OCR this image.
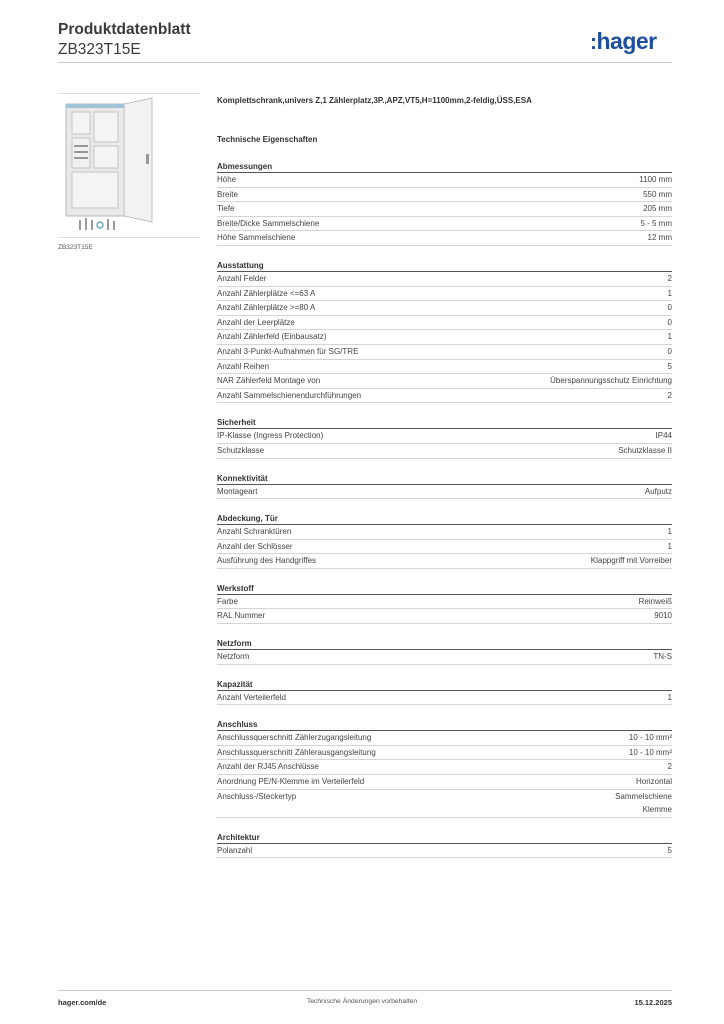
Produktdatenblatt
ZB323T15E	:hager
ZB323T15E
Komplettschrank,univers Z,1 Zählerplatz,3P.,APZ,VT5,H=1100mm,2-feldig,ÜSS,ESA
Technische Eigenschaften
Abmessungen
Höhe	1100 mm
Breite	550 mm
Tiefe	205 mm
Breite/Dicke Sammelschiene	5 - 5 mm
Höhe Sammelschiene	12 mm
Ausstattung
Anzahl Felder	2
Anzahl Zählerplätze <=63 A	1
Anzahl Zählerplätze >=80 A	0
Anzahl der Leerplätze	0
Anzahl Zählerfeld (Einbausatz)	1
Anzahl 3-Punkt-Aufnahmen für SG/TRE	0
Anzahl Reihen	5
NAR Zählerfeld Montage von	Überspannungsschutz Einrichtung
Anzahl Sammelschienendurchführungen	2
Sicherheit
IP-Klasse (Ingress Protection)	IP44
Schutzklasse	Schutzklasse II
Konnektivität
Montageart	Aufputz
Abdeckung, Tür
Anzahl Schranktüren	1
Anzahl der Schlösser	1
Ausführung des Handgriffes	Klappgriff mit Vorreiber
Werkstoff
Farbe	Reinweiß
RAL Nummer	9010
Netzform
Netzform	TN-S
Kapazität
Anzahl Verteilerfeld	1
Anschluss
Anschlussquerschnitt Zählerzugangsleitung	10 - 10 mm²
Anschlussquerschnitt Zählerausgangsleitung	10 - 10 mm²
Anzahl der RJ45 Anschlüsse	2
Anordnung PE/N-Klemme im Verteilerfeld	Horizontal
Anschluss-/Steckertyp	Sammelschiene
Klemme
Architektur
Polanzahl	5
hager.com/de	Technische Änderungen vorbehalten	15.12.2025
